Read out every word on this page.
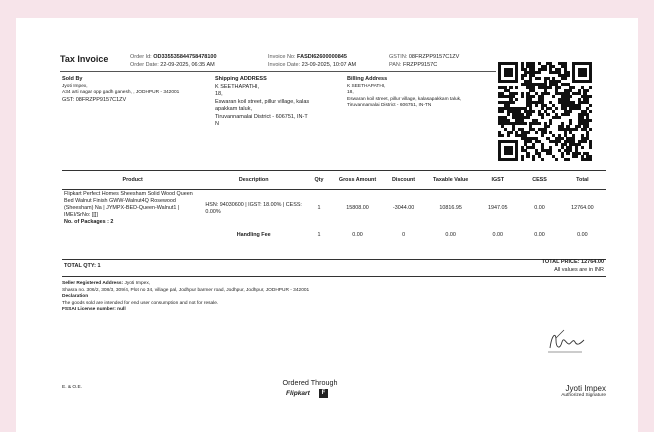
Tax Invoice	Order Id: OD335535844758478100
Order Date: 22-09-2025, 06:35 AM
Invoice No: FASDI62600000845
Invoice Date: 23-09-2025, 10:07 AM
GSTIN: 08FRZPP9157C1ZV
PAN: FRZPP9157C
Sold By
Jyoti Impex,
A34 arti nagar opp gadh ganesh, , JODHPUR - 342001
GST: 08FRZPP9157C1ZV
Shipping ADDRESS
K SEETHAPATHI,
18,
Eswaran koil street, pillur village, kalas
apakkam taluk,
Tiruvannamalai District - 606751, IN-T
N
Billing Address
K SEETHAPATHI,
18,
Eswaran koil street, pillur village, kalasapakkam taluk,
Tiruvannamalai District - 606751, IN-TN
Product	Description	Qty	Gross Amount	Discount	Taxable Value	IGST	CESS	Total

Flipkart Perfect Homes Sheesham Solid Wood Queen Bed Walnut Finish GWW-Walnut4Q Rosewood (Sheesham) Na | JYMPX-BED-Queen-Walnut1 | IMEI/SrNo: [[]]
No. of Packages : 2	HSN: 94030600 | IGST: 18.00% | CESS: 0.00%	1	15808.00	-3044.00	10816.95	1947.05	0.00	12764.00
	Handling Fee	1	0.00	0	0.00	0.00	0.00	0.00
TOTAL QTY: 1
TOTAL PRICE: 12764.00
All values are in INR
Seller Registered Address: Jyoti Impex,
Shasra no. 306/2, 308/3, 309/4, Plot no 34, village pal, Jodhpur barmer road, Jodhpur, Jodhpur, JODHPUR - 342001
Declaration
The goods sold are intended for end user consumption and not for resale.
FSSAI License number: null
E. & O.E.
Ordered Through
Flipkart	F	Jyoti Impex
Authorized Signature
